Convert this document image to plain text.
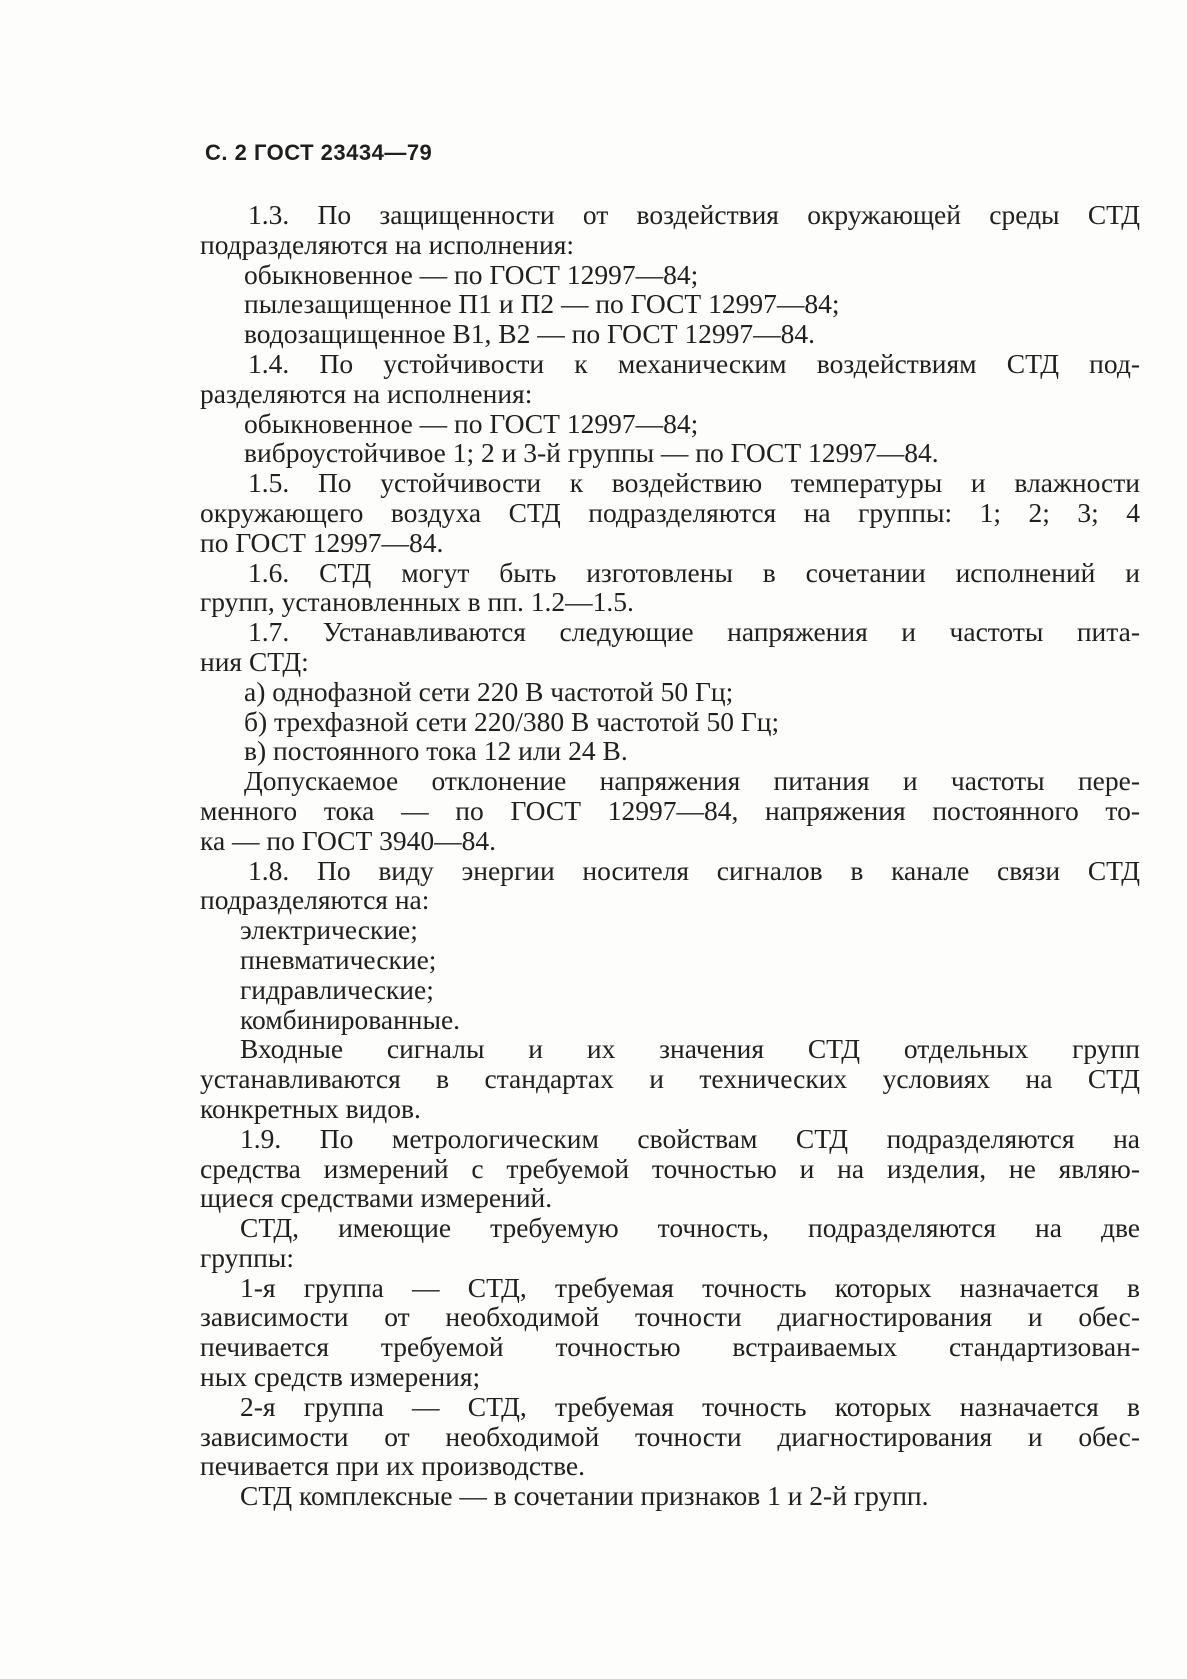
С. 2 ГОСТ 23434—79
1.3. По защищенности от воздействия окружающей среды СТД
подразделяются на исполнения:
обыкновенное — по ГОСТ 12997—84;
пылезащищенное П1 и П2 — по ГОСТ 12997—84;
водозащищенное В1, В2 — по ГОСТ 12997—84.
1.4. По устойчивости к механическим воздействиям СТД под-
разделяются на исполнения:
обыкновенное — по ГОСТ 12997—84;
виброустойчивое 1; 2 и 3-й группы — по ГОСТ 12997—84.
1.5. По устойчивости к воздействию температуры и влажности
окружающего воздуха СТД подразделяются на группы: 1; 2; 3; 4
по ГОСТ 12997—84.
1.6. СТД могут быть изготовлены в сочетании исполнений и
групп, установленных в пп. 1.2—1.5.
1.7. Устанавливаются следующие напряжения и частоты пита-
ния СТД:
а) однофазной сети 220 В частотой 50 Гц;
б) трехфазной сети 220/380 В частотой 50 Гц;
в) постоянного тока 12 или 24 В.
Допускаемое отклонение напряжения питания и частоты пере-
менного тока — по ГОСТ 12997—84, напряжения постоянного то-
ка — по ГОСТ 3940—84.
1.8. По виду энергии носителя сигналов в канале связи СТД
подразделяются на:
электрические;
пневматические;
гидравлические;
комбинированные.
Входные сигналы и их значения СТД отдельных групп
устанавливаются в стандартах и технических условиях на СТД
конкретных видов.
1.9. По метрологическим свойствам СТД подразделяются на
средства измерений с требуемой точностью и на изделия, не являю-
щиеся средствами измерений.
СТД, имеющие требуемую точность, подразделяются на две
группы:
1-я группа — СТД, требуемая точность которых назначается в
зависимости от необходимой точности диагностирования и обес-
печивается требуемой точностью встраиваемых стандартизован-
ных средств измерения;
2-я группа — СТД, требуемая точность которых назначается в
зависимости от необходимой точности диагностирования и обес-
печивается при их производстве.
СТД комплексные — в сочетании признаков 1 и 2-й групп.
